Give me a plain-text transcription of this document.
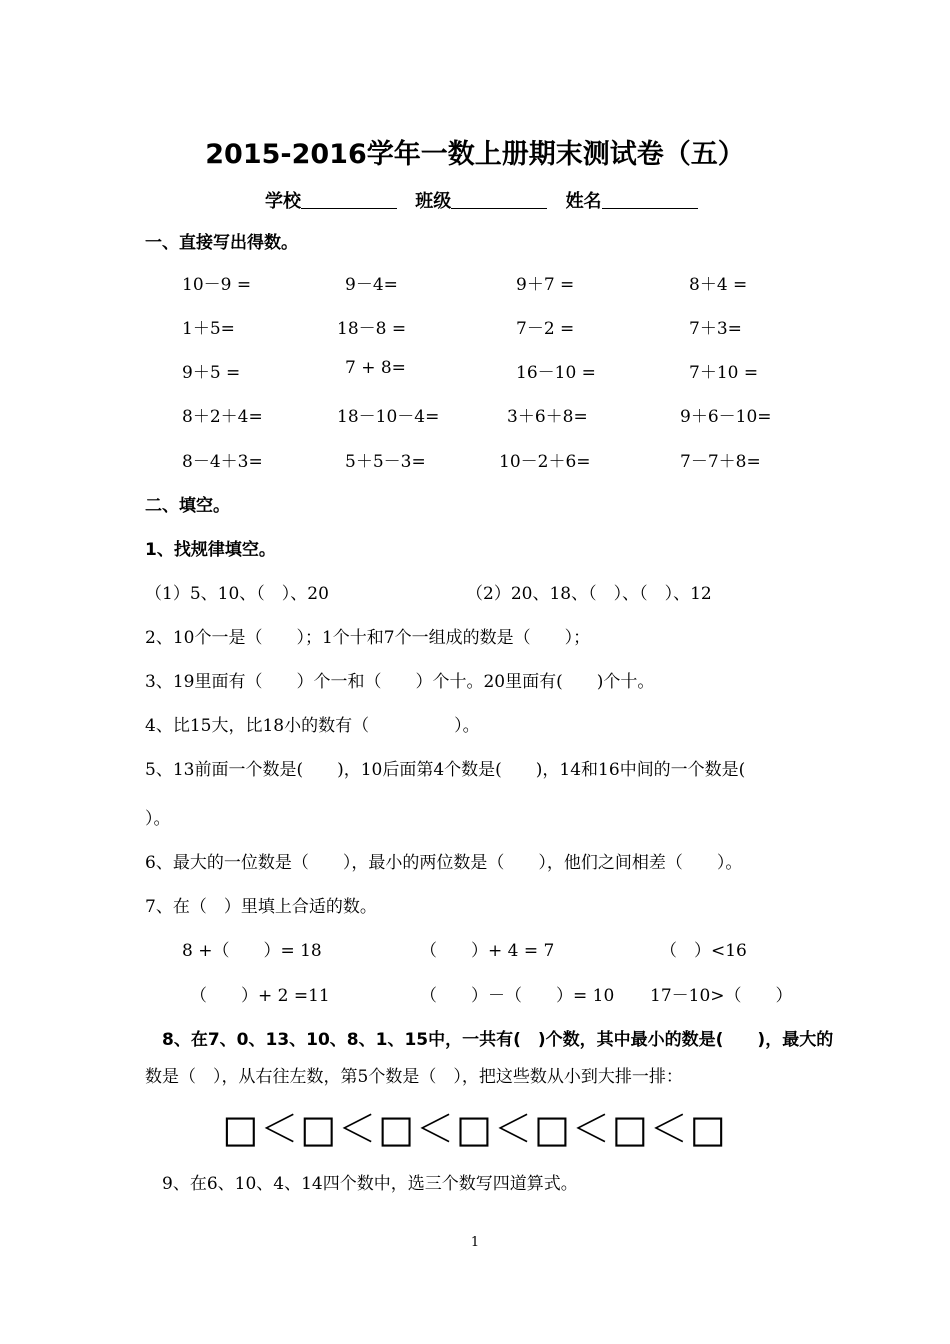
2015-2016学年一数上册期末测试卷（五）
学校	班级	姓名
一、直接写出得数。
10－9 =	9－4=	9＋7 =	8＋4 =
1＋5=	18－8 =	7－2 =	7＋3=
9＋5 =	7 + 8=	16－10 =	7＋10 =
8＋2＋4=	18－10－4=	3＋6＋8=	9＋6－10=
8－4＋3=	5＋5－3=	10－2＋6=	7－7＋8=
二、填空。
1、找规律填空。
（1）5、10、（　）、20	（2）20、18、（　）、（　）、12
2、10个一是（　　）；1个十和7个一组成的数是（　　）；
3、19里面有（　　）个一和（　　）个十。20里面有(　　)个十。
4、比15大，比18小的数有（　　　　　）。
5、13前面一个数是(　　)，10后面第4个数是(　　)，14和16中间的一个数是(
）。
6、最大的一位数是（　　），最小的两位数是（　　），他们之间相差（　　）。
7、在（　）里填上合适的数。
8 +（　　）= 18	（　　）+ 4 = 7	（　）<16
（　　）+ 2 =11	（　　）－（　　）= 10 17－10>（　　）
8、在7、0、13、10、8、1、15中，一共有(　)个数，其中最小的数是(　　)，最大的
数是（　），从右往左数，第5个数是（　），把这些数从小到大排一排：
□＜□＜□＜□＜□＜□＜□
9、在6、10、4、14四个数中，选三个数写四道算式。
1
